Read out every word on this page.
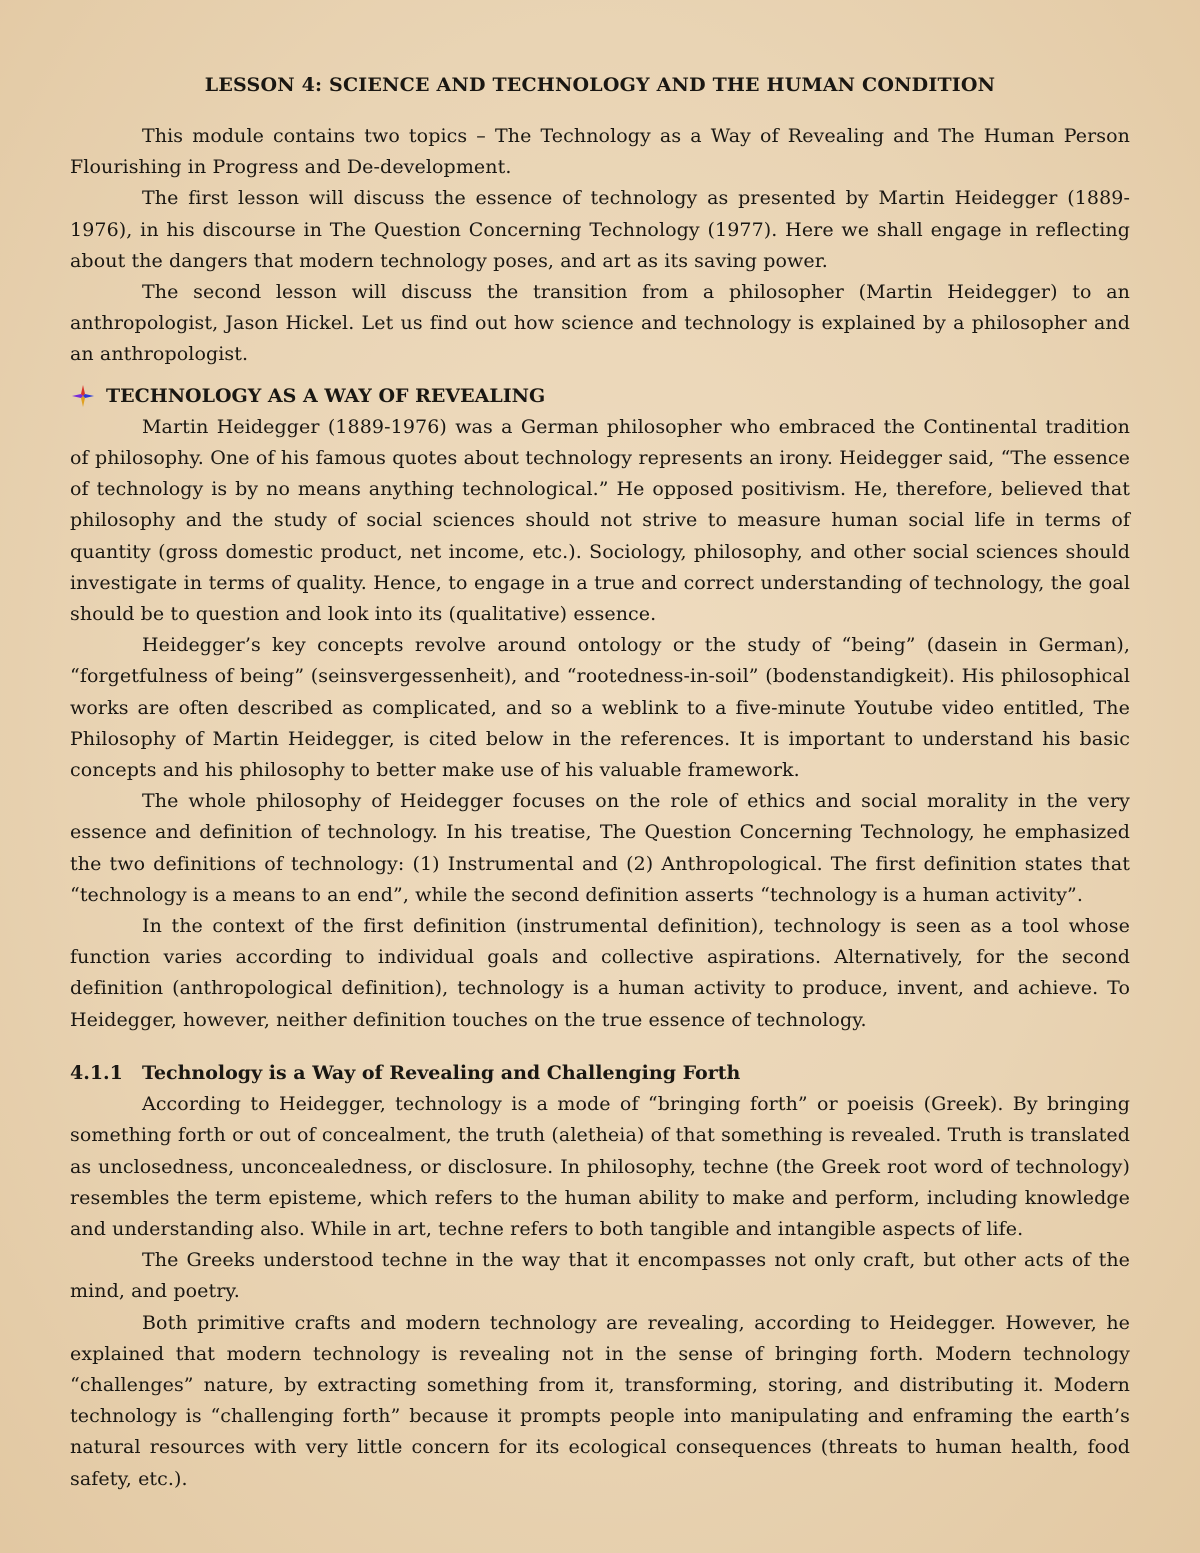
LESSON 4: SCIENCE AND TECHNOLOGY AND THE HUMAN CONDITION

This module contains two topics – The Technology as a Way of Revealing and The Human Person Flourishing in Progress and De-development.

The first lesson will discuss the essence of technology as presented by Martin Heidegger (1889-1976), in his discourse in The Question Concerning Technology (1977). Here we shall engage in reflecting about the dangers that modern technology poses, and art as its saving power.

The second lesson will discuss the transition from a philosopher (Martin Heidegger) to an anthropologist, Jason Hickel. Let us find out how science and technology is explained by a philosopher and an anthropologist.

TECHNOLOGY AS A WAY OF REVEALING

Martin Heidegger (1889-1976) was a German philosopher who embraced the Continental tradition of philosophy. One of his famous quotes about technology represents an irony. Heidegger said, “The essence of technology is by no means anything technological.” He opposed positivism. He, therefore, believed that philosophy and the study of social sciences should not strive to measure human social life in terms of quantity (gross domestic product, net income, etc.). Sociology, philosophy, and other social sciences should investigate in terms of quality. Hence, to engage in a true and correct understanding of technology, the goal should be to question and look into its (qualitative) essence.

Heidegger’s key concepts revolve around ontology or the study of “being” (dasein in German), “forgetfulness of being” (seinsvergessenheit), and “rootedness-in-soil” (bodenstandigkeit). His philosophical works are often described as complicated, and so a weblink to a five-minute Youtube video entitled, The Philosophy of Martin Heidegger, is cited below in the references. It is important to understand his basic concepts and his philosophy to better make use of his valuable framework.

The whole philosophy of Heidegger focuses on the role of ethics and social morality in the very essence and definition of technology. In his treatise, The Question Concerning Technology, he emphasized the two definitions of technology: (1) Instrumental and (2) Anthropological. The first definition states that “technology is a means to an end”, while the second definition asserts “technology is a human activity”.

In the context of the first definition (instrumental definition), technology is seen as a tool whose function varies according to individual goals and collective aspirations. Alternatively, for the second definition (anthropological definition), technology is a human activity to produce, invent, and achieve. To Heidegger, however, neither definition touches on the true essence of technology.

4.1.1	Technology is a Way of Revealing and Challenging Forth

According to Heidegger, technology is a mode of “bringing forth” or poeisis (Greek). By bringing something forth or out of concealment, the truth (aletheia) of that something is revealed. Truth is translated as unclosedness, unconcealedness, or disclosure. In philosophy, techne (the Greek root word of technology) resembles the term episteme, which refers to the human ability to make and perform, including knowledge and understanding also. While in art, techne refers to both tangible and intangible aspects of life.

The Greeks understood techne in the way that it encompasses not only craft, but other acts of the mind, and poetry.

Both primitive crafts and modern technology are revealing, according to Heidegger. However, he explained that modern technology is revealing not in the sense of bringing forth. Modern technology “challenges” nature, by extracting something from it, transforming, storing, and distributing it. Modern technology is “challenging forth” because it prompts people into manipulating and enframing the earth’s natural resources with very little concern for its ecological consequences (threats to human health, food safety, etc.).
